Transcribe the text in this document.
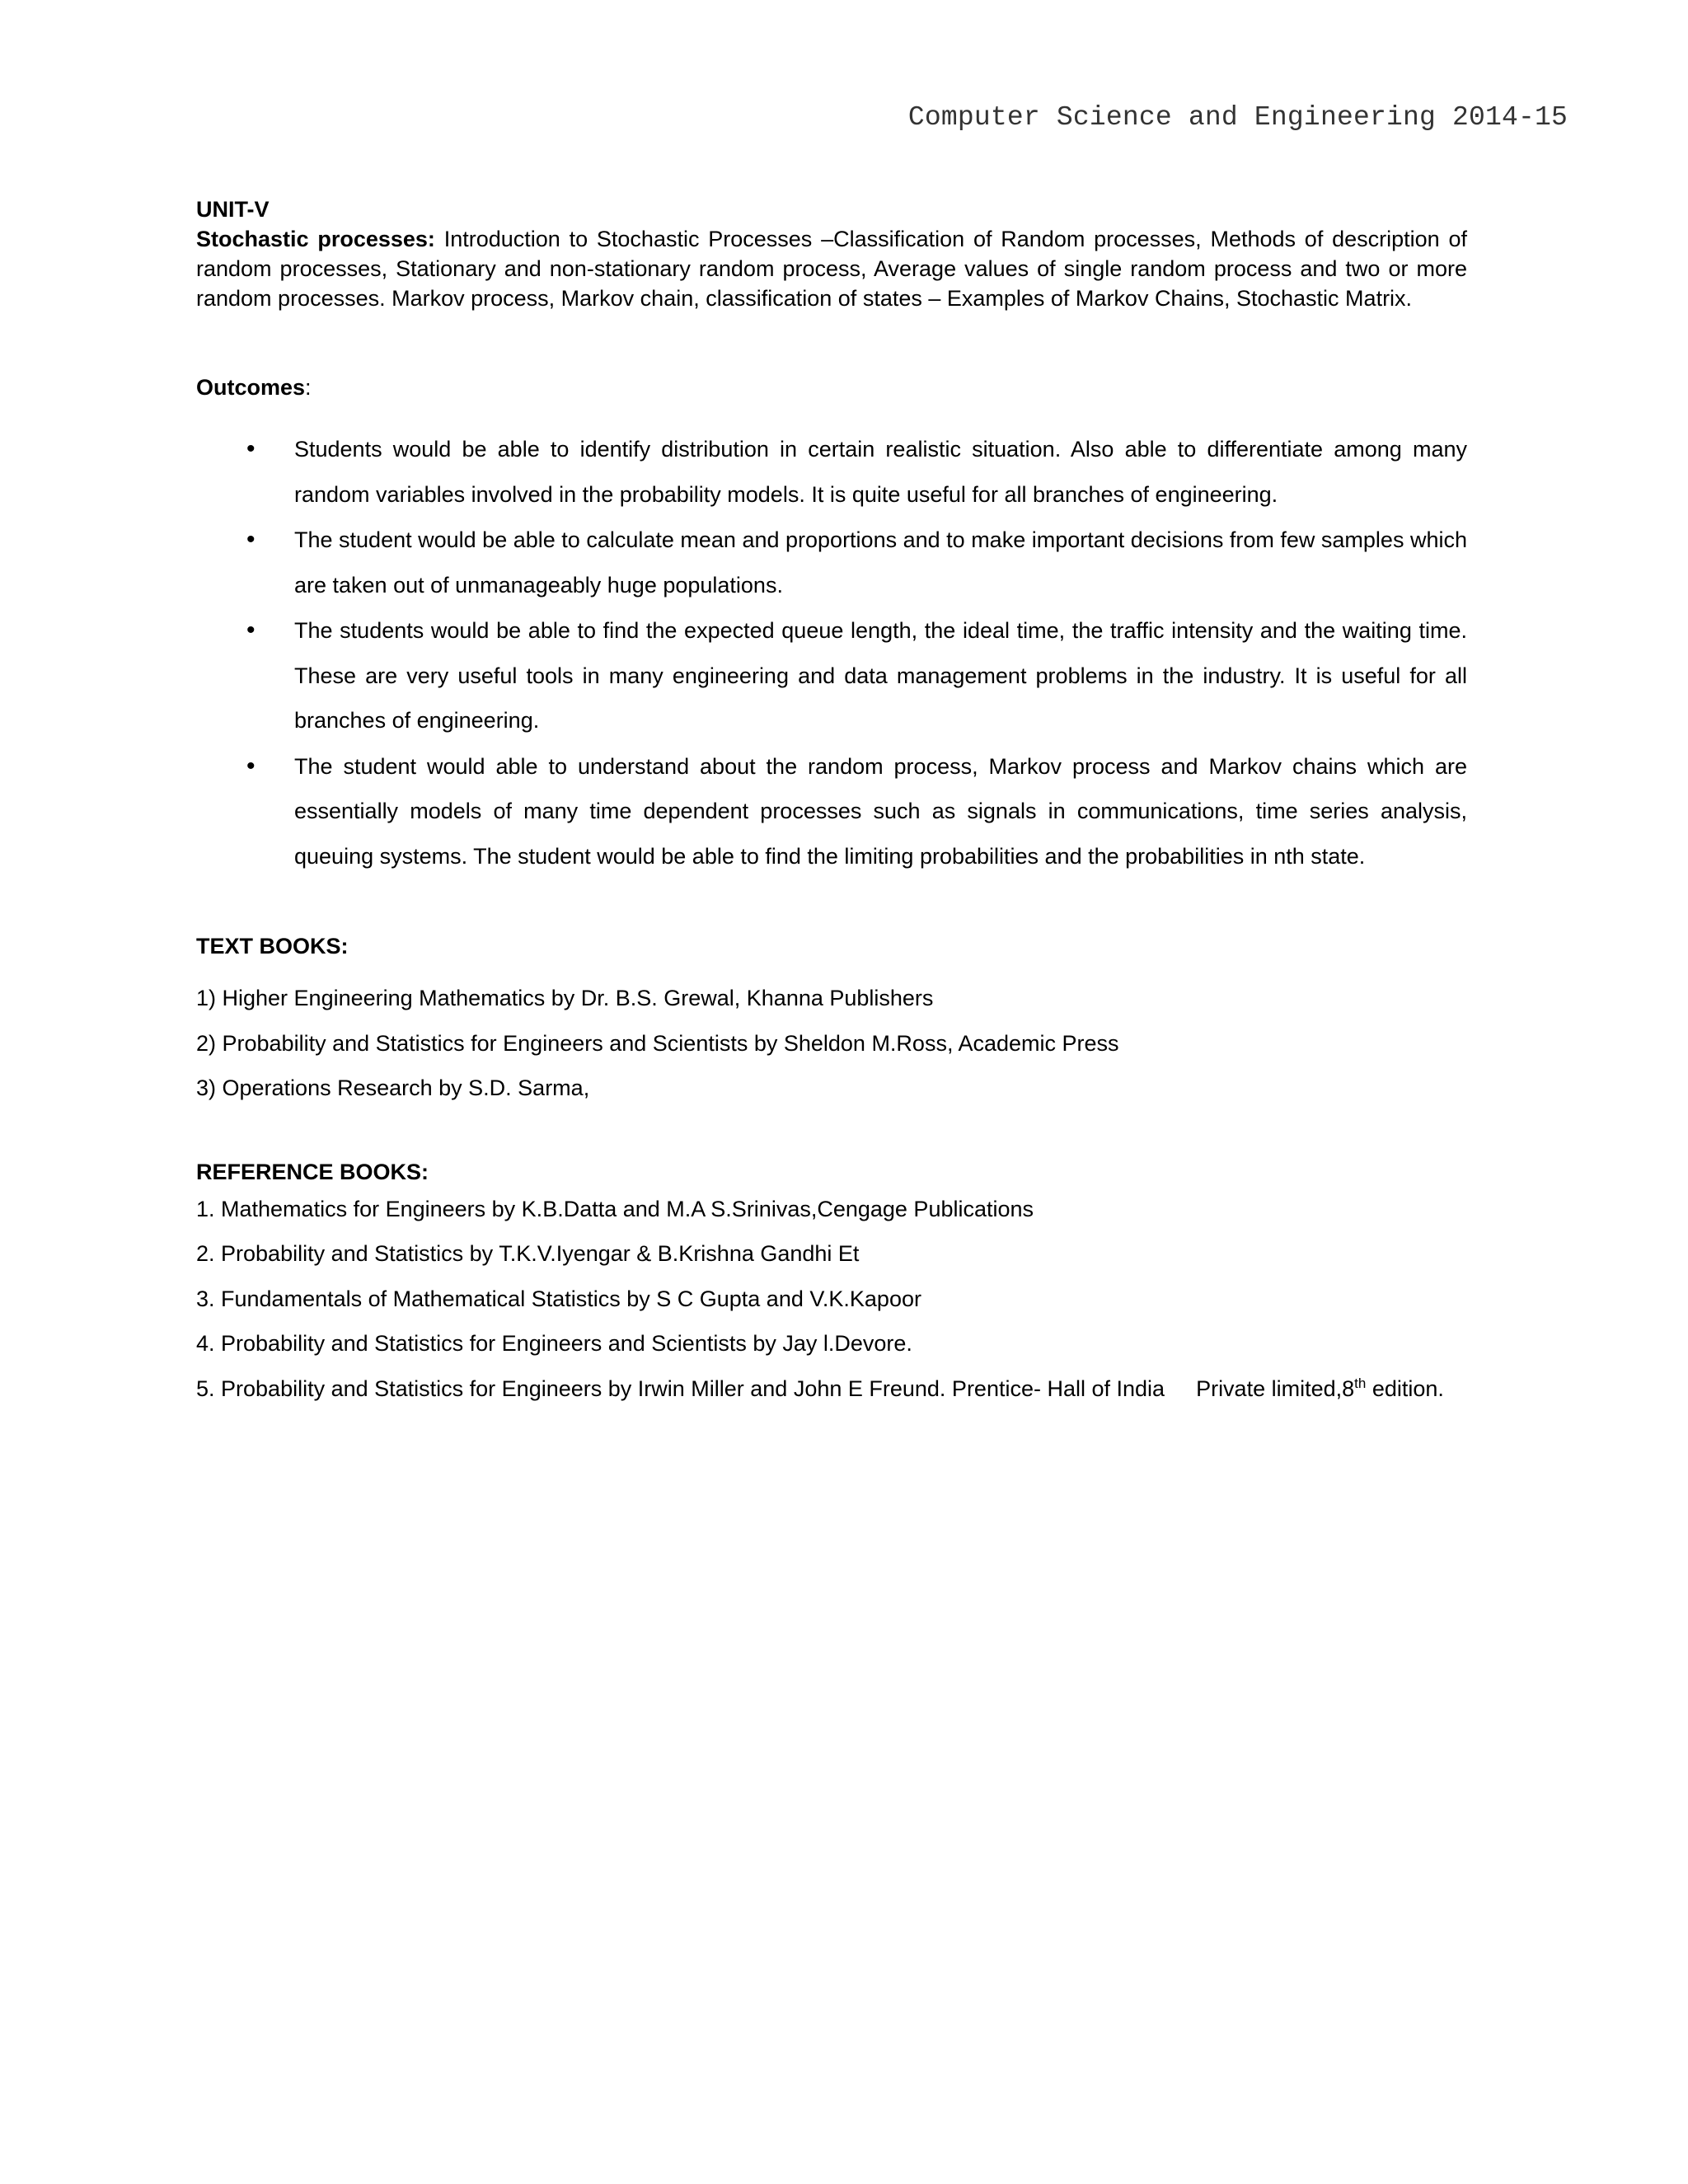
Computer Science and Engineering 2014-15

UNIT-V

Stochastic processes: Introduction to Stochastic Processes –Classification of Random processes, Methods of description of random processes, Stationary and non-stationary random process, Average values of single random process and two or more random processes. Markov process, Markov chain, classification of states – Examples of Markov Chains, Stochastic Matrix.

Outcomes:

• Students would be able to identify distribution in certain realistic situation. Also able to differentiate among many random variables involved in the probability models. It is quite useful for all branches of engineering.
• The student would be able to calculate mean and proportions and to make important decisions from few samples which are taken out of unmanageably huge populations.
• The students would be able to find the expected queue length, the ideal time, the traffic intensity and the waiting time. These are very useful tools in many engineering and data management problems in the industry. It is useful for all branches of engineering.
• The student would able to understand about the random process, Markov process and Markov chains which are essentially models of many time dependent processes such as signals in communications, time series analysis, queuing systems. The student would be able to find the limiting probabilities and the probabilities in nth state.

TEXT BOOKS:

1) Higher Engineering Mathematics by Dr. B.S. Grewal, Khanna Publishers
2) Probability and Statistics for Engineers and Scientists by Sheldon M.Ross, Academic Press
3) Operations Research by S.D. Sarma,

REFERENCE BOOKS:

1. Mathematics for Engineers by K.B.Datta and M.A S.Srinivas,Cengage Publications
2. Probability and Statistics by T.K.V.Iyengar & B.Krishna Gandhi Et
3. Fundamentals of Mathematical Statistics by S C Gupta and V.K.Kapoor
4. Probability and Statistics for Engineers and Scientists by Jay l.Devore.
5. Probability and Statistics for Engineers by Irwin Miller and John E Freund. Prentice- Hall of India Private limited,8th edition.
